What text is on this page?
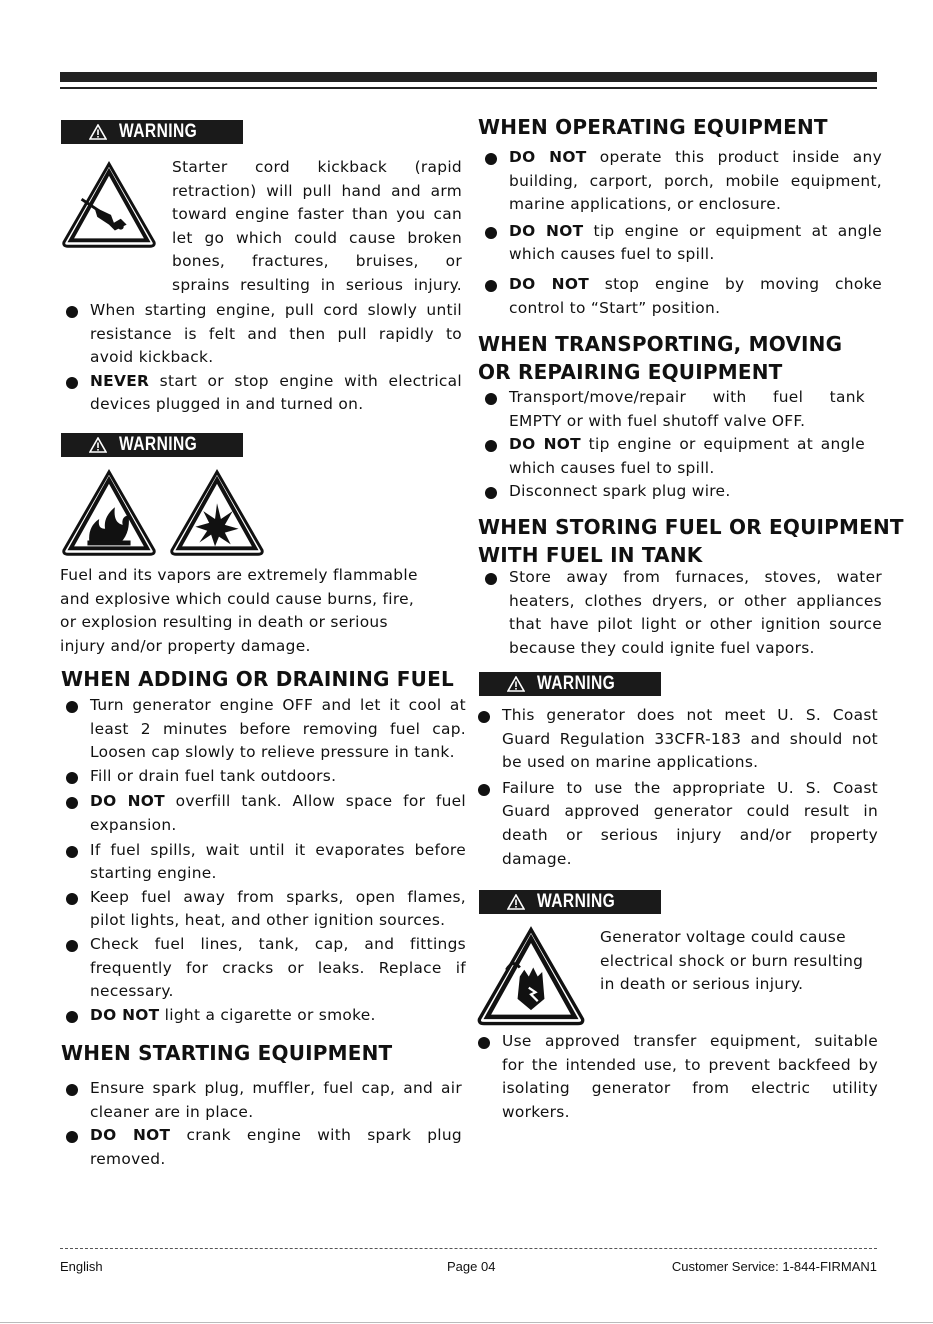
WARNING
Starter cord kickback (rapid
retraction) will pull hand and arm
toward engine faster than you can
let go which could cause broken
bones, fractures, bruises, or
sprains resulting in serious injury.
When starting engine, pull cord slowly until
resistance is felt and then pull rapidly to
avoid kickback.
NEVER start or stop engine with electrical
devices plugged in and turned on.
WARNING
Fuel and its vapors are extremely flammable
and explosive which could cause burns, fire,
or explosion resulting in death or serious
injury and/or property damage.
WHEN ADDING OR DRAINING FUEL
Turn generator engine OFF and let it cool at
least 2 minutes before removing fuel cap.
Loosen cap slowly to relieve pressure in tank.
Fill or drain fuel tank outdoors.
DO NOT overfill tank. Allow space for fuel
expansion.
If fuel spills, wait until it evaporates before
starting engine.
Keep fuel away from sparks, open flames,
pilot lights, heat, and other ignition sources.
Check fuel lines, tank, cap, and fittings
frequently for cracks or leaks. Replace if
necessary.
DO NOT light a cigarette or smoke.
WHEN STARTING EQUIPMENT
Ensure spark plug, muffler, fuel cap, and air
cleaner are in place.
DO NOT crank engine with spark plug
removed.
WHEN OPERATING EQUIPMENT
DO NOT operate this product inside any
building, carport, porch, mobile equipment,
marine applications, or enclosure.
DO NOT tip engine or equipment at angle
which causes fuel to spill.
DO NOT stop engine by moving choke
control to “Start” position.
WHEN TRANSPORTING, MOVING
OR REPAIRING EQUIPMENT
Transport/move/repair with fuel tank
EMPTY or with fuel shutoff valve OFF.
DO NOT tip engine or equipment at angle
which causes fuel to spill.
Disconnect spark plug wire.
WHEN STORING FUEL OR EQUIPMENT
WITH FUEL IN TANK
Store away from furnaces, stoves, water
heaters, clothes dryers, or other appliances
that have pilot light or other ignition source
because they could ignite fuel vapors.
WARNING
This generator does not meet U. S. Coast
Guard Regulation 33CFR-183 and should not
be used on marine applications.
Failure to use the appropriate U. S. Coast
Guard approved generator could result in
death or serious injury and/or property
damage.
WARNING
Generator voltage could cause
electrical shock or burn resulting
in death or serious injury.
Use approved transfer equipment, suitable
for the intended use, to prevent backfeed by
isolating generator from electric utility
workers.
English	Page 04	Customer Service: 1-844-FIRMAN1
